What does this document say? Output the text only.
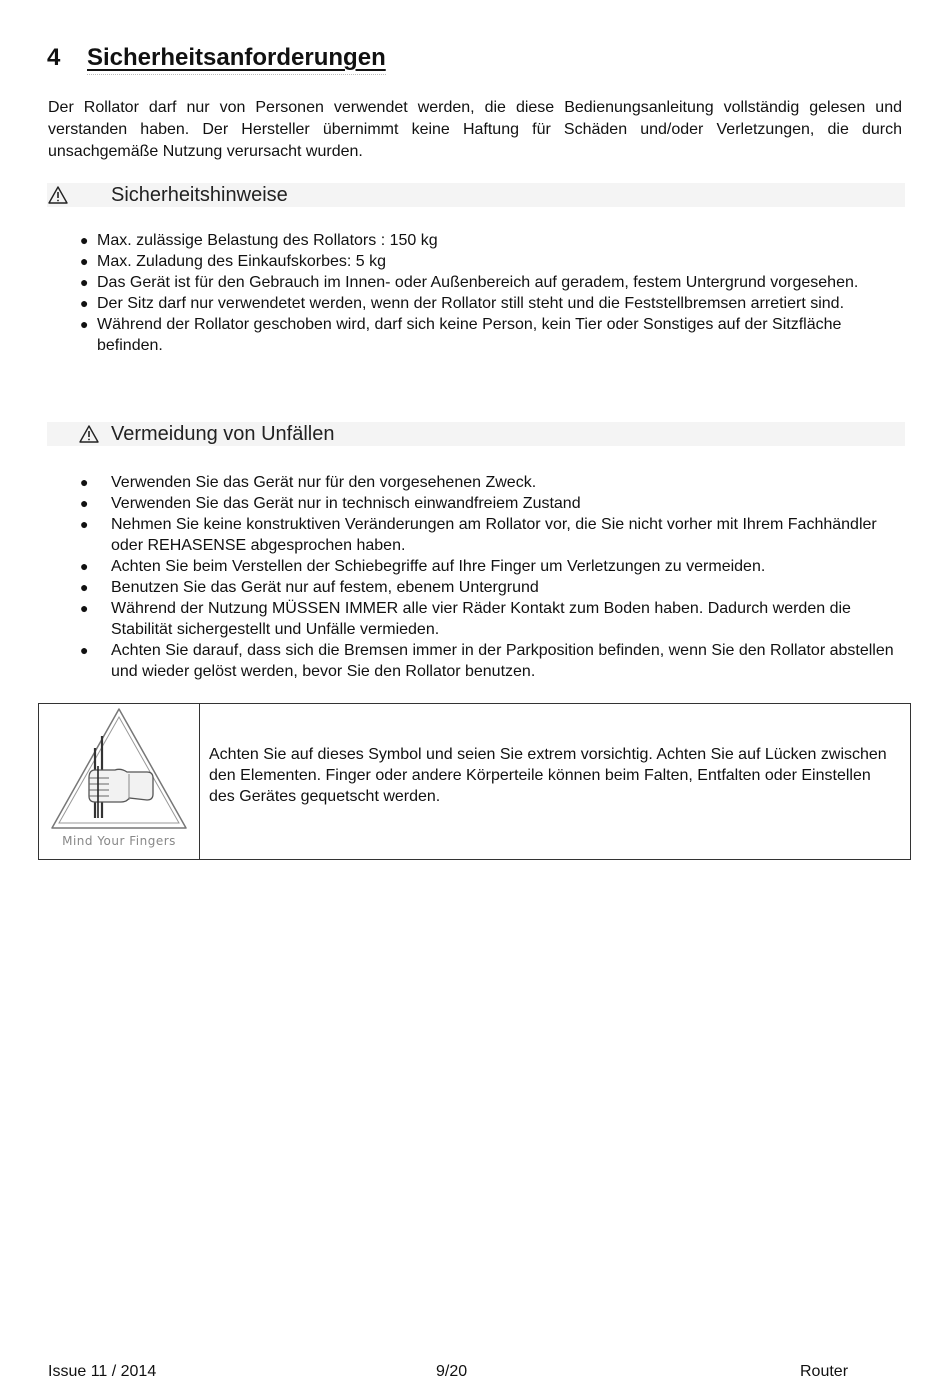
4	Sicherheitsanforderungen
Der Rollator darf nur von Personen verwendet werden, die diese Bedienungsanleitung vollständig gelesen und verstanden haben. Der Hersteller übernimmt keine Haftung für Schäden und/oder Verletzungen, die durch unsachgemäße Nutzung verursacht wurden.
Sicherheitshinweise
● Max. zulässige Belastung des Rollators : 150 kg
● Max. Zuladung des Einkaufskorbes: 5 kg
● Das Gerät ist für den Gebrauch im Innen- oder Außenbereich auf geradem, festem Untergrund vorgesehen.
● Der Sitz darf nur verwendetet werden, wenn der Rollator still steht und die Feststellbremsen arretiert sind.
● Während der Rollator geschoben wird, darf sich keine Person, kein Tier oder Sonstiges auf der Sitzfläche befinden.
Vermeidung von Unfällen
● Verwenden Sie das Gerät nur für den vorgesehenen Zweck.
● Verwenden Sie das Gerät nur in technisch einwandfreiem Zustand
● Nehmen Sie keine konstruktiven Veränderungen am Rollator vor, die Sie nicht vorher mit Ihrem Fachhändler oder REHASENSE abgesprochen haben.
● Achten Sie beim Verstellen der Schiebegriffe auf Ihre Finger um Verletzungen zu vermeiden.
● Benutzen Sie das Gerät nur auf festem, ebenem Untergrund
● Während der Nutzung MÜSSEN IMMER alle vier Räder Kontakt zum Boden haben. Dadurch werden die Stabilität sichergestellt und Unfälle vermieden.
● Achten Sie darauf, dass sich die Bremsen immer in der Parkposition befinden, wenn Sie den Rollator abstellen und wieder gelöst werden, bevor Sie den Rollator benutzen.
Mind Your Fingers
Achten Sie auf dieses Symbol und seien Sie extrem vorsichtig. Achten Sie auf Lücken zwischen den Elementen. Finger oder andere Körperteile können beim Falten, Entfalten oder Einstellen des Gerätes gequetscht werden.
Issue 11 / 2014	9/20	Router
